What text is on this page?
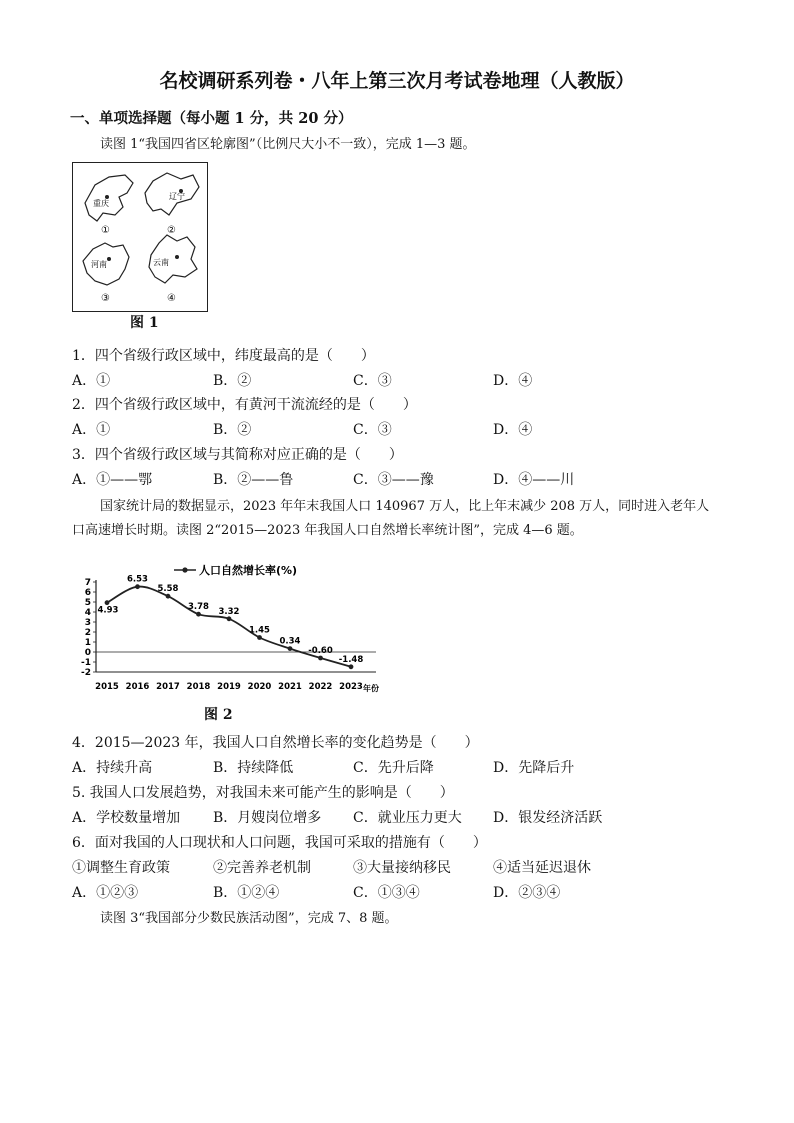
名校调研系列卷・八年上第三次月考试卷地理（人教版）
一、单项选择题（每小题 1 分，共 20 分）
读图 1“我国四省区轮廓图”（比例尺大小不一致），完成 1—3 题。
重庆
辽宁
河南	云南
①	②
③	④
图 1
1．四个省级行政区域中，纬度最高的是（　　）
A．①	B．②	C．③	D．④
2．四个省级行政区域中，有黄河干流流经的是（　　）
A．①	B．②	C．③	D．④
3．四个省级行政区域与其简称对应正确的是（　　）
A．①——鄂	B．②——鲁	C．③——豫	D．④——川
国家统计局的数据显示，2023 年年末我国人口 140967 万人，比上年末减少 208 万人，同时进入老年人
口高速增长时期。读图 2“2015—2023 年我国人口自然增长率统计图”，完成 4—6 题。
7
6
5
4
3
2
1
0
-1
-2
2015 2016 2017 2018 2019 2020 2021 2022 2023
4.93
6.53
5.58
3.78 3.32
1.45
0.34
-0.60
-1.48
人口自然增长率(%)
年份
图 2
4．2015—2023 年，我国人口自然增长率的变化趋势是（　　）
A．持续升高	B．持续降低	C．先升后降	D．先降后升
5. 我国人口发展趋势，对我国未来可能产生的影响是（　　）
A．学校数量增加 B．月嫂岗位增多 C．就业压力更大 D．银发经济活跃
6．面对我国的人口现状和人口问题，我国可采取的措施有（　　）
①调整生育政策	②完善养老机制	③大量接纳移民	④适当延迟退休
A．①②③	B．①②④	C．①③④	D．②③④
读图 3“我国部分少数民族活动图”，完成 7、8 题。
